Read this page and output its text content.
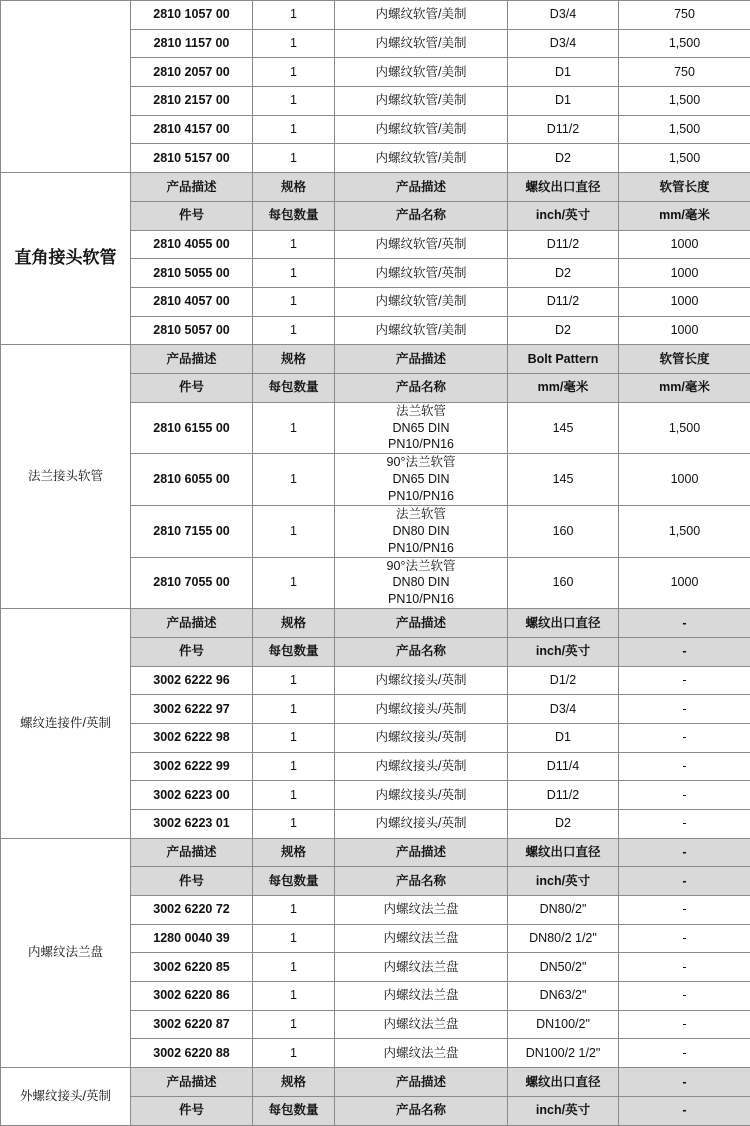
	2810 1057 00	1	内螺纹软管/美制	D3/4	750
	2810 1157 00	1	内螺纹软管/美制	D3/4	1,500
	2810 2057 00	1	内螺纹软管/美制	D1	750
	2810 2157 00	1	内螺纹软管/美制	D1	1,500
	2810 4157 00	1	内螺纹软管/美制	D11/2	1,500
	2810 5157 00	1	内螺纹软管/美制	D2	1,500
直角接头软管	产品描述	规格	产品描述	螺纹出口直径	软管长度
	件号	每包数量	产品名称	inch/英寸	mm/毫米
	2810 4055 00	1	内螺纹软管/英制	D11/2	1000
	2810 5055 00	1	内螺纹软管/英制	D2	1000
	2810 4057 00	1	内螺纹软管/美制	D11/2	1000
	2810 5057 00	1	内螺纹软管/美制	D2	1000
法兰接头软管	产品描述	规格	产品描述	Bolt Pattern	软管长度
	件号	每包数量	产品名称	mm/毫米	mm/毫米
	2810 6155 00	1	法兰软管 DN65 DIN PN10/PN16	145	1,500
	2810 6055 00	1	90°法兰软管 DN65 DIN PN10/PN16	145	1000
	2810 7155 00	1	法兰软管 DN80 DIN PN10/PN16	160	1,500
	2810 7055 00	1	90°法兰软管 DN80 DIN PN10/PN16	160	1000
螺纹连接件/英制	产品描述	规格	产品描述	螺纹出口直径	-
	件号	每包数量	产品名称	inch/英寸	-
	3002 6222 96	1	内螺纹接头/英制	D1/2	-
	3002 6222 97	1	内螺纹接头/英制	D3/4	-
	3002 6222 98	1	内螺纹接头/英制	D1	-
	3002 6222 99	1	内螺纹接头/英制	D11/4	-
	3002 6223 00	1	内螺纹接头/英制	D11/2	-
	3002 6223 01	1	内螺纹接头/英制	D2	-
内螺纹法兰盘	产品描述	规格	产品描述	螺纹出口直径	-
	件号	每包数量	产品名称	inch/英寸	-
	3002 6220 72	1	内螺纹法兰盘	DN80/2"	-
	1280 0040 39	1	内螺纹法兰盘	DN80/2 1/2"	-
	3002 6220 85	1	内螺纹法兰盘	DN50/2"	-
	3002 6220 86	1	内螺纹法兰盘	DN63/2"	-
	3002 6220 87	1	内螺纹法兰盘	DN100/2"	-
	3002 6220 88	1	内螺纹法兰盘	DN100/2 1/2"	-
外螺纹接头/英制	产品描述	规格	产品描述	螺纹出口直径	-
	件号	每包数量	产品名称	inch/英寸	-
